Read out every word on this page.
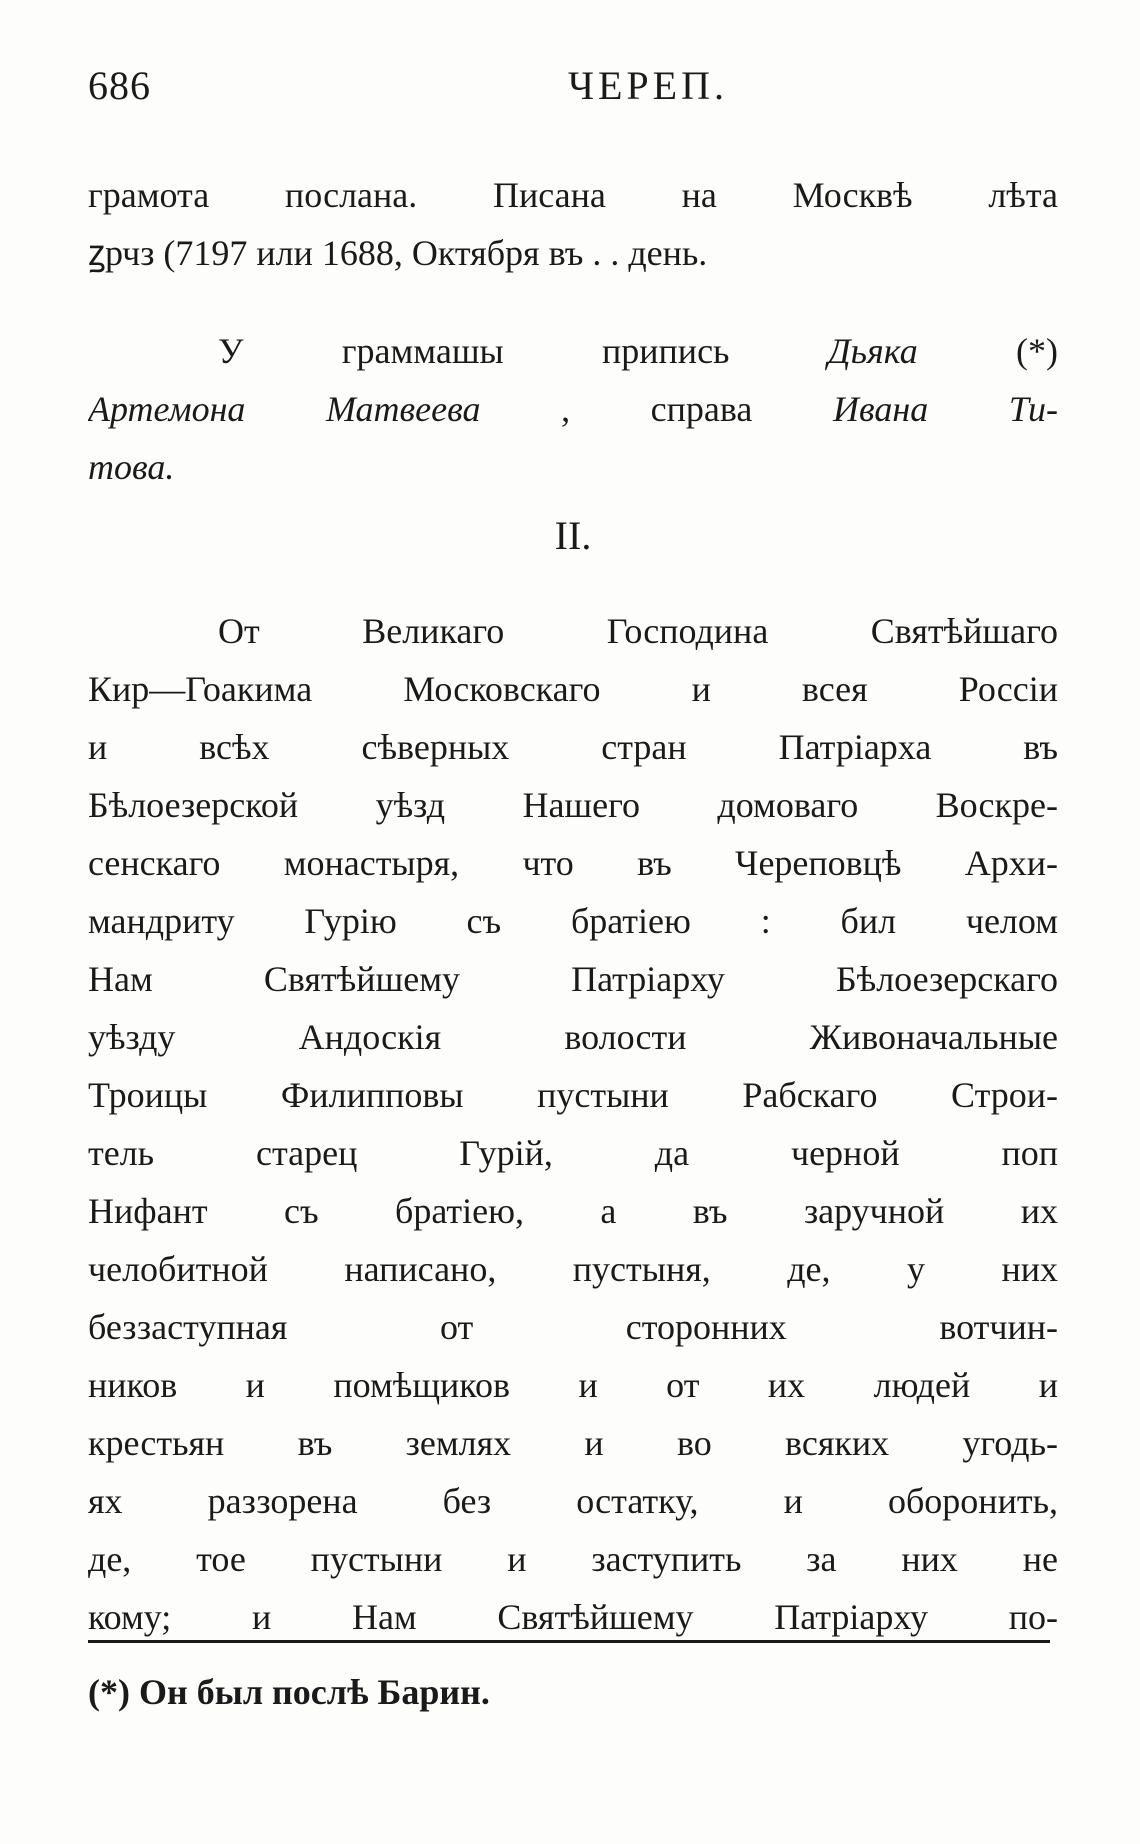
686	ЧЕРЕП.
грамота послана. Писана на Москвѣ лѣта
ꙁрчз (7197 или 1688, Октября въ . . день.
У граммашы припись Дьяка (*)
Артемона Матвеева , справа Ивана Ти-
това.
II.
От Великаго Господина Святѣйшаго
Кир—Гоакима Московскаго и всея Россіи
и всѣх сѣверных стран Патріарха въ
Бѣлоезерской уѣзд Нашего домоваго Воскре-
сенскаго монастыря, что въ Череповцѣ Архи-
мандриту Гурію съ братіею : бил челом
Нам Святѣйшему Патріарху Бѣлоезерскаго
уѣзду Андоскія волости Живоначальные
Троицы Филипповы пустыни Рабскаго Строи-
тель старец Гурій, да черной поп
Нифант съ братіею, а въ заручной их
челобитной написано, пустыня, де, у них
беззаступная от сторонних вотчин-
ников и помѣщиков и от их людей и
крестьян въ землях и во всяких угодь-
ях раззорена без остатку, и оборонить,
де, тое пустыни и заступить за них не
кому; и Нам Святѣйшему Патріарху по-
(*) Он был послѣ Барин.
